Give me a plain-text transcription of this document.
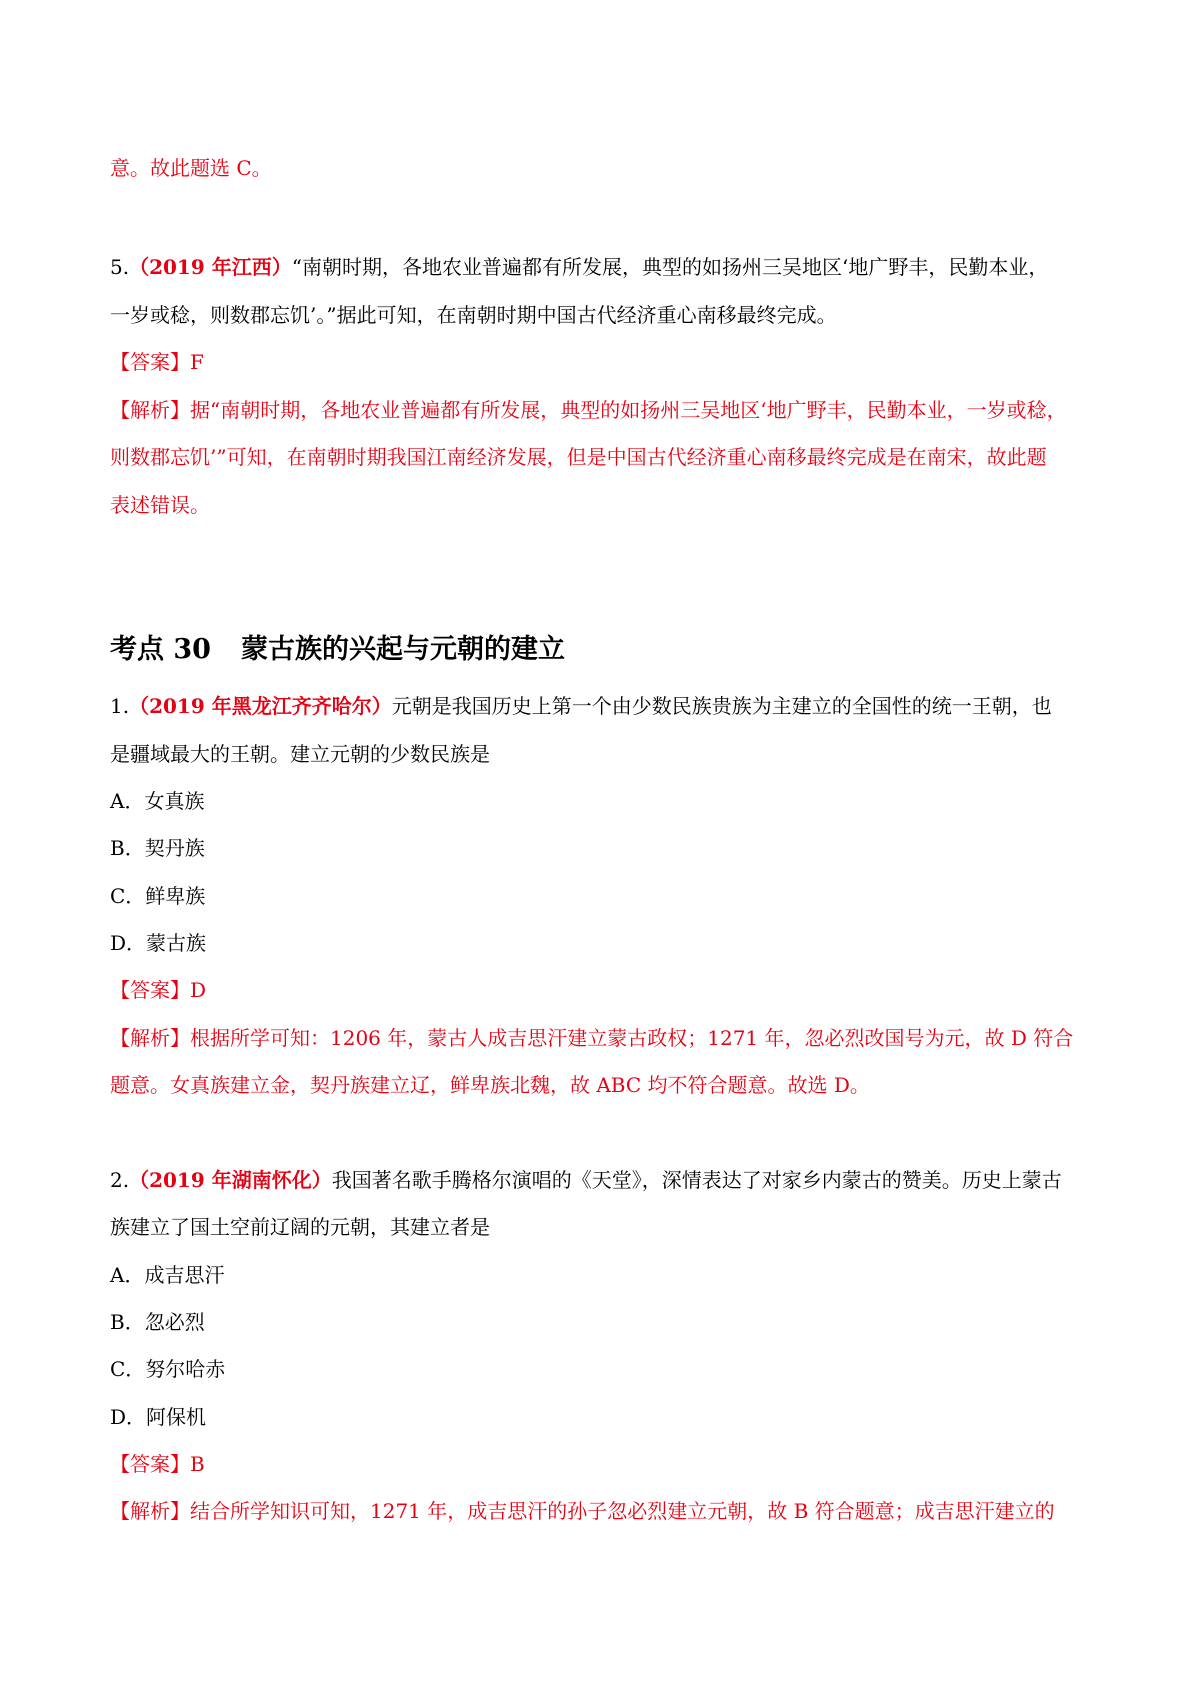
意。故此题选 C。
5.（2019 年江西）“南朝时期，各地农业普遍都有所发展，典型的如扬州三吴地区‘地广野丰，民勤本业，
一岁或稔，则数郡忘饥’。”据此可知，在南朝时期中国古代经济重心南移最终完成。
【答案】F
【解析】据“南朝时期，各地农业普遍都有所发展，典型的如扬州三吴地区‘地广野丰，民勤本业，一岁或稔，
则数郡忘饥’”可知，在南朝时期我国江南经济发展，但是中国古代经济重心南移最终完成是在南宋，故此题
表述错误。
考点 30 蒙古族的兴起与元朝的建立
1.（2019 年黑龙江齐齐哈尔）元朝是我国历史上第一个由少数民族贵族为主建立的全国性的统一王朝，也
是疆域最大的王朝。建立元朝的少数民族是
A．女真族
B．契丹族
C．鲜卑族
D．蒙古族
【答案】D
【解析】根据所学可知：1206 年，蒙古人成吉思汗建立蒙古政权；1271 年，忽必烈改国号为元，故 D 符合
题意。女真族建立金，契丹族建立辽，鲜卑族北魏，故 ABC 均不符合题意。故选 D。
2.（2019 年湖南怀化）我国著名歌手腾格尔演唱的《天堂》，深情表达了对家乡内蒙古的赞美。历史上蒙古
族建立了国土空前辽阔的元朝，其建立者是
A．成吉思汗
B．忽必烈
C．努尔哈赤
D．阿保机
【答案】B
【解析】结合所学知识可知，1271 年，成吉思汗的孙子忽必烈建立元朝，故 B 符合题意；成吉思汗建立的
